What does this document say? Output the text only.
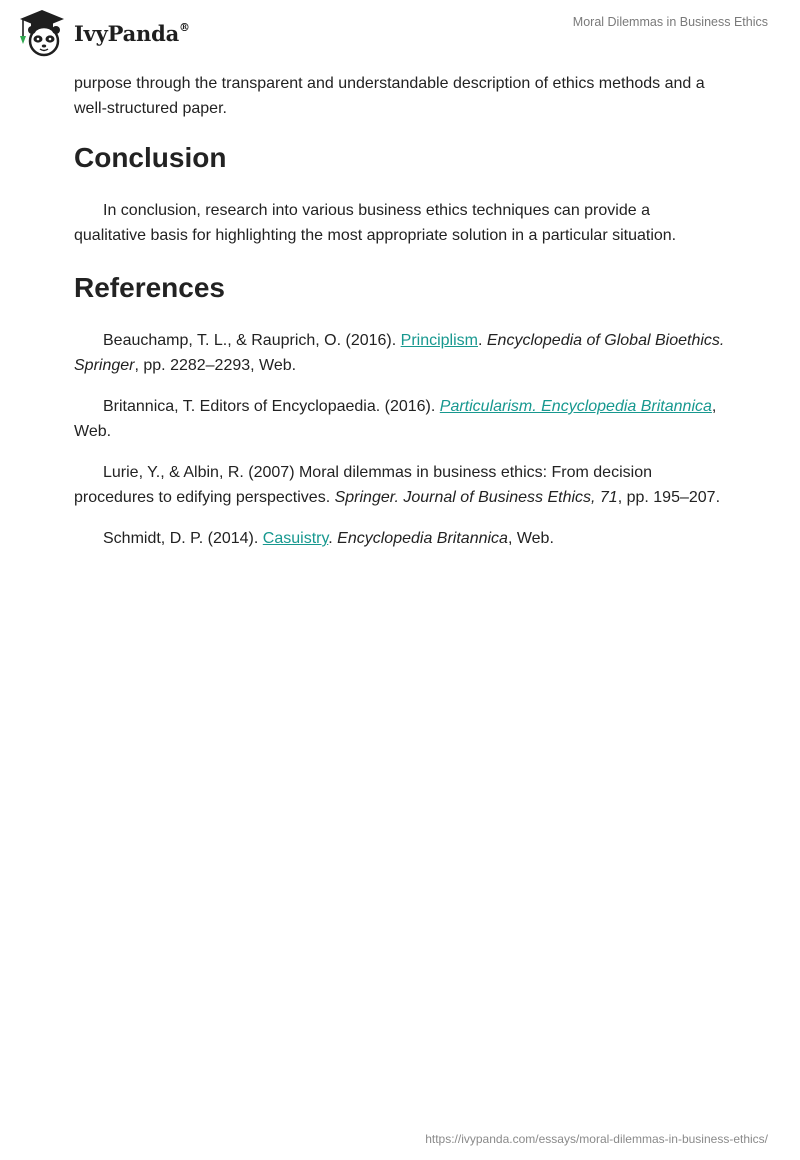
IvyPanda®	Moral Dilemmas in Business Ethics

purpose through the transparent and understandable description of ethics methods and a well-structured paper.

Conclusion

In conclusion, research into various business ethics techniques can provide a qualitative basis for highlighting the most appropriate solution in a particular situation.

References

Beauchamp, T. L., & Rauprich, O. (2016). Principlism. Encyclopedia of Global Bioethics. Springer, pp. 2282–2293, Web.

Britannica, T. Editors of Encyclopaedia. (2016). Particularism. Encyclopedia Britannica, Web.

Lurie, Y., & Albin, R. (2007) Moral dilemmas in business ethics: From decision procedures to edifying perspectives. Springer. Journal of Business Ethics, 71, pp. 195–207.

Schmidt, D. P. (2014). Casuistry. Encyclopedia Britannica, Web.

https://ivypanda.com/essays/moral-dilemmas-in-business-ethics/
